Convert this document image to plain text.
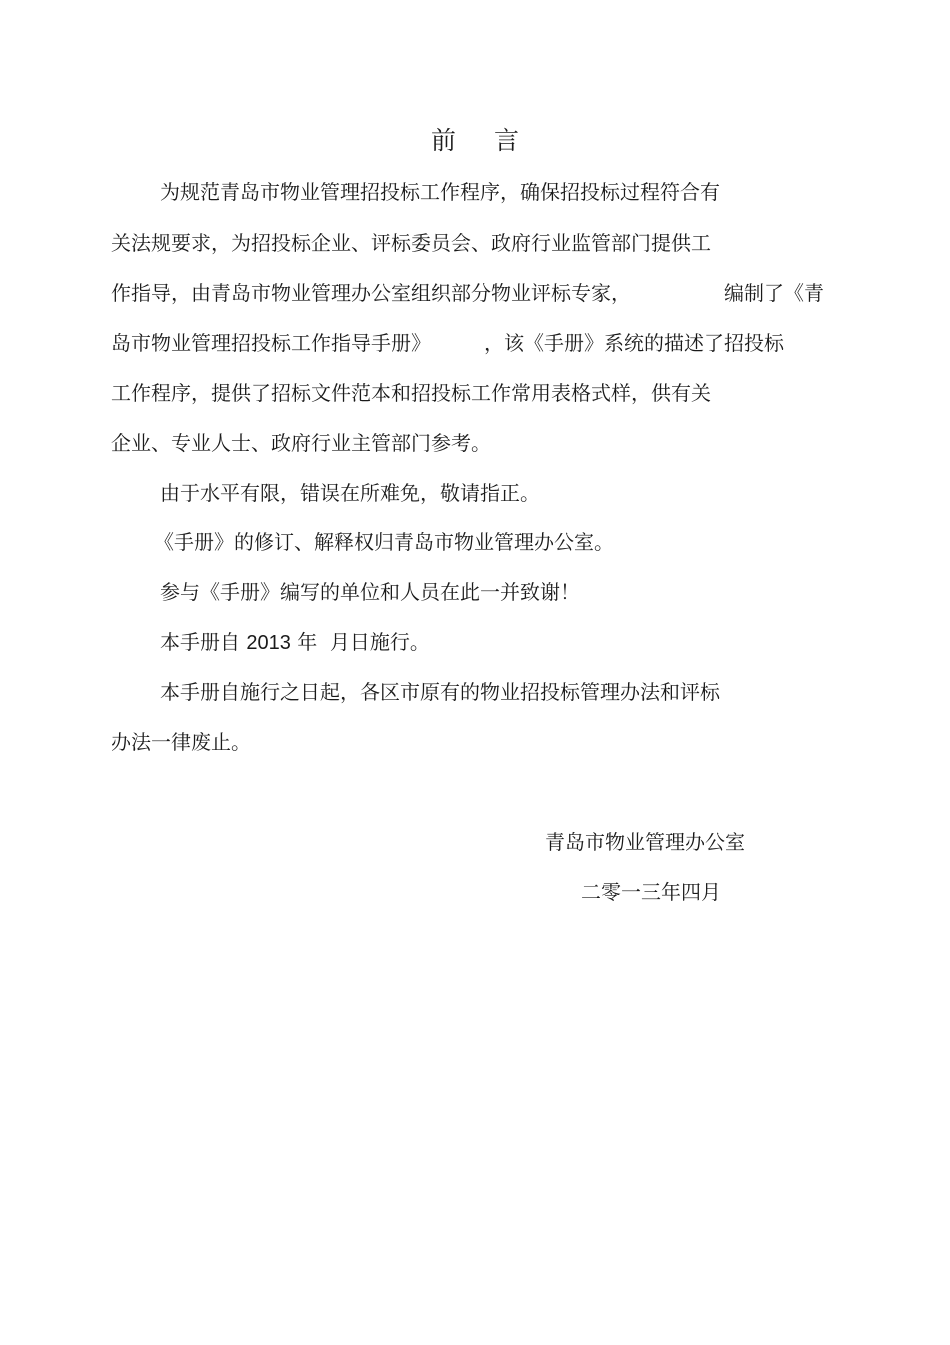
前言
为规范青岛市物业管理招投标工作程序，确保招投标过程符合有
关法规要求，为招投标企业、评标委员会、政府行业监管部门提供工
作指导，由青岛市物业管理办公室组织部分物业评标专家，	编制了《青
岛市物业管理招投标工作指导手册》	，该《手册》系统的描述了招投标
工作程序，提供了招标文件范本和招投标工作常用表格式样，供有关
企业、专业人士、政府行业主管部门参考。
由于水平有限，错误在所难免，敬请指正。
《手册》的修订、解释权归青岛市物业管理办公室。
参与《手册》编写的单位和人员在此一并致谢！
本手册自 2013 年  月日施行。
本手册自施行之日起，各区市原有的物业招投标管理办法和评标
办法一律废止。
青岛市物业管理办公室
二零一三年四月
